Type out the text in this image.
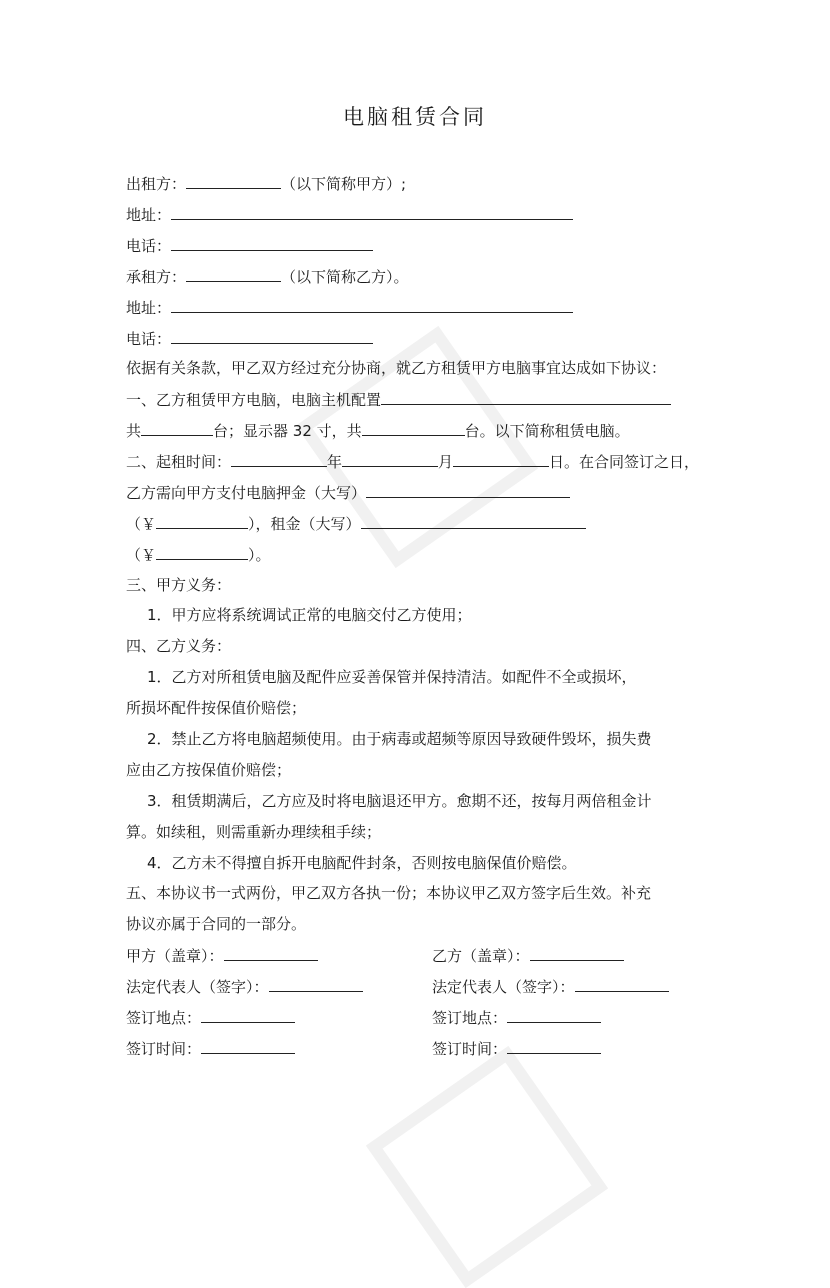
电脑租赁合同
出租方：	（以下简称甲方）;
地址：
电话：
承租方：	（以下简称乙方）。
地址：
电话：
依据有关条款，甲乙双方经过充分协商，就乙方租赁甲方电脑事宜达成如下协议：
一、乙方租赁甲方电脑，电脑主机配置
共	台；显示器 32 寸，共	台。以下简称租赁电脑。
二、起租时间：	年	月	日。在合同签订之日，
乙方需向甲方支付电脑押金（大写）
（￥	），租金（大写）
（￥	）。
三、甲方义务：
1．甲方应将系统调试正常的电脑交付乙方使用；
四、乙方义务：
1．乙方对所租赁电脑及配件应妥善保管并保持清洁。如配件不全或损坏，
所损坏配件按保值价赔偿；
2．禁止乙方将电脑超频使用。由于病毒或超频等原因导致硬件毁坏，损失费
应由乙方按保值价赔偿；
3．租赁期满后，乙方应及时将电脑退还甲方。愈期不还，按每月两倍租金计
算。如续租，则需重新办理续租手续；
4．乙方未不得擅自拆开电脑配件封条，否则按电脑保值价赔偿。
五、本协议书一式两份，甲乙双方各执一份；本协议甲乙双方签字后生效。补充
协议亦属于合同的一部分。
甲方（盖章）：	乙方（盖章）：
法定代表人（签字）：	法定代表人（签字）：
签订地点：	签订地点：
签订时间：	签订时间：
